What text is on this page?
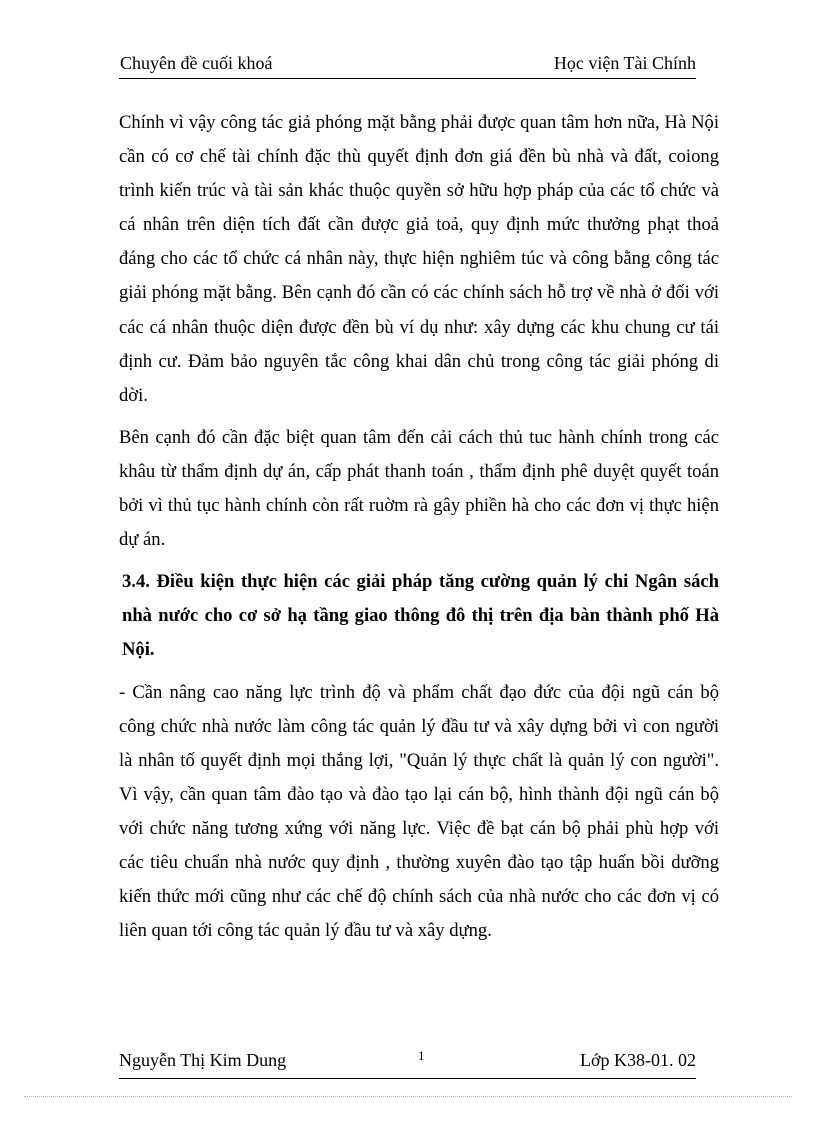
Chuyên đề cuối khoá	Học viện Tài Chính

Chính vì vậy công tác giả phóng mặt bằng phải được quan tâm hơn nữa, Hà Nội
cần có cơ chế tài chính đặc thù quyết định đơn giá đền bù nhà và đất, coiong
trình kiến trúc và tài sản khác thuộc quyền sở hữu hợp pháp của các tổ chức và
cá nhân trên diện tích đất cần được giả toả, quy định mức thưởng phạt thoả
đáng cho các tổ chức cá nhân này, thực hiện nghiêm túc và công bằng công tác
giải phóng mặt bằng. Bên cạnh đó cần có các chính sách hỗ trợ về nhà ở đối với
các cá nhân thuộc diện được đền bù ví dụ như: xây dựng các khu chung cư tái
định cư. Đảm bảo nguyên tắc công khai dân chủ trong công tác giải phóng di
dời.

Bên cạnh đó cần đặc biệt quan tâm đến cải cách thủ tuc hành chính trong các
khâu từ thẩm định dự án, cấp phát thanh toán , thẩm định phê duyệt quyết toán
bởi vì thủ tục hành chính còn rất ruờm rà gây phiền hà cho các đơn vị thực hiện
dự án.

3.4. Điều kiện thực hiện các giải pháp tăng cường quản lý chi Ngân sách
nhà nước cho cơ sở hạ tầng giao thông đô thị trên địa bàn thành phố Hà
Nội.

- Cần nâng cao năng lực trình độ và phẩm chất đạo đức của đội ngũ cán bộ
công chức nhà nước làm công tác quản lý đầu tư và xây dựng bởi vì con người
là nhân tố quyết định mọi thắng lợi, "Quản lý thực chất là quản lý con người".
Vì vậy, cần quan tâm đào tạo và đào tạo lại cán bộ, hình thành đội ngũ cán bộ
với chức năng tương xứng với năng lực. Việc đề bạt cán bộ phải phù hợp với
các tiêu chuẩn nhà nước quy định , thường xuyên đào tạo tập huấn bồi dưỡng
kiến thức mới cũng như các chế độ chính sách của nhà nước cho các đơn vị có
liên quan tới công tác quản lý đầu tư và xây dựng.

Nguyễn Thị Kim Dung	1	Lớp K38-01. 02
